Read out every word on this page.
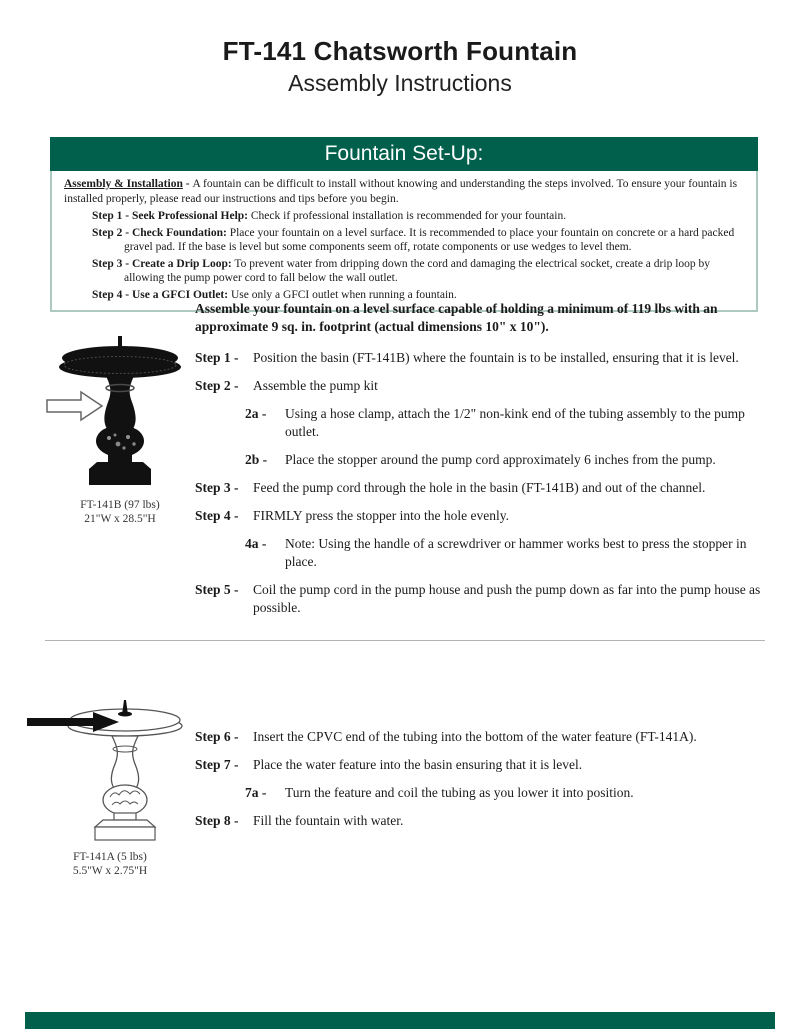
FT-141 Chatsworth Fountain
Assembly Instructions
Fountain Set-Up:

Assembly & Installation - A fountain can be difficult to install without knowing and understanding the steps involved. To ensure your fountain is installed properly, please read our instructions and tips before you begin.

Step 1 - Seek Professional Help: Check if professional installation is recommended for your fountain.

Step 2 - Check Foundation: Place your fountain on a level surface. It is recommended to place your fountain on concrete or a hard packed gravel pad. If the base is level but some components seem off, rotate components or use wedges to level them.

Step 3 - Create a Drip Loop: To prevent water from dripping down the cord and damaging the electrical socket, create a drip loop by allowing the pump power cord to fall below the wall outlet.

Step 4 - Use a GFCI Outlet: Use only a GFCI outlet when running a fountain.

FT-141B (97 lbs)
21"W x 28.5"H

Assemble your fountain on a level surface capable of holding a minimum of 119 lbs with an approximate 9 sq. in. footprint (actual dimensions 10" x 10").

Step 1 -	Position the basin (FT-141B) where the fountain is to be installed, ensuring that it is level.
Step 2 -	Assemble the pump kit
2a -	Using a hose clamp, attach the 1/2" non-kink end of the tubing assembly to the pump outlet.
2b -	Place the stopper around the pump cord approximately 6 inches from the pump.
Step 3 -	Feed the pump cord through the hole in the basin (FT-141B) and out of the channel.
Step 4 -	FIRMLY press the stopper into the hole evenly.
4a -	Note: Using the handle of a screwdriver or hammer works best to press the stopper in place.
Step 5 -	Coil the pump cord in the pump house and push the pump down as far into the pump house as possible.
FT-141A (5 lbs)
5.5"W x 2.75"H
Step 6 -	Insert the CPVC end of the tubing into the bottom of the water feature (FT-141A).
Step 7 -	Place the water feature into the basin ensuring that it is level.
7a -	Turn the feature and coil the tubing as you lower it into position.
Step 8 -	Fill the fountain with water.
